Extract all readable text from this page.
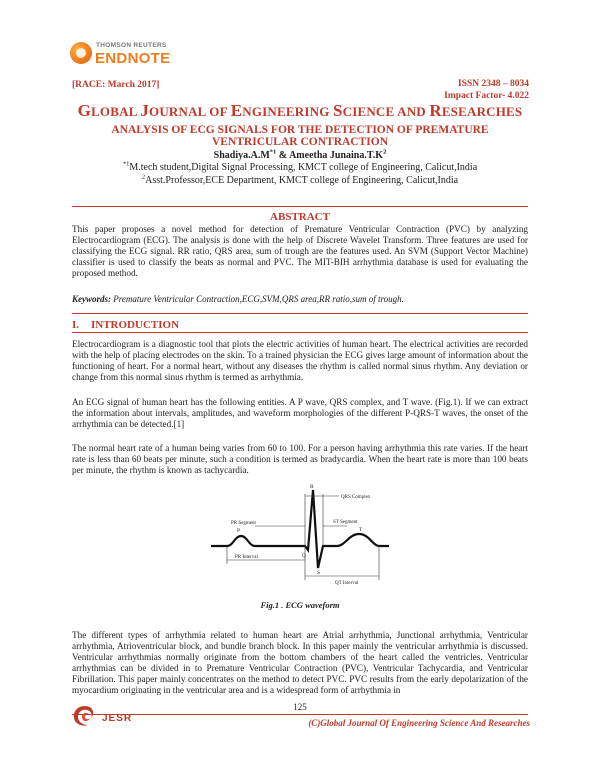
THOMSON REUTERS
ENDNOTE
[RACE: March 2017]	ISSN 2348 – 8034
Impact Factor- 4.022
GLOBAL JOURNAL OF ENGINEERING SCIENCE AND RESEARCHES
ANALYSIS OF ECG SIGNALS FOR THE DETECTION OF PREMATURE
VENTRICULAR CONTRACTION
$Shadiya.A.M^{*1}$ & Ameetha $Junaina.T.K^2$
$^{*1}$M.tech student,Digital Signal Processing, KMCT college of Engineering, Calicut,India
$^2$Asst.Professor,ECE Department, KMCT college of Engineering, Calicut,India
ABSTRACT
This paper proposes a novel method for detection of Premature Ventricular Contraction (PVC) by analyzing Electrocardiogram (ECG). The analysis is done with the help of Discrete Wavelet Transform. Three features are used for classifying the ECG signal. RR ratio, QRS area, sum of trough are the features used. An SVM (Support Vector Machine) classifier is used to classify the beats as normal and PVC. The MIT-BIH arrhythmia database is used for evaluating the proposed method.
Keywords: Premature Ventricular Contraction,ECG,SVM,QRS area,RR ratio,sum of trough.
I. INTRODUCTION
Electrocardiogram is a diagnostic tool that plots the electric activities of human heart. The electrical activities are recorded with the help of placing electrodes on the skin. To a trained physician the ECG gives large amount of information about the functioning of heart. For a normal heart, without any diseases the rhythm is called normal sinus rhythm. Any deviation or change from this normal sinus rhythm is termed as arrhythmia.
An ECG signal of human heart has the following entities. A P wave, QRS complex, and T wave. (Fig.1). If we can extract the information about intervals, amplitudes, and waveform morphologies of the different P-QRS-T waves, the onset of the arrhythmia can be detected.[1]
The normal heart rate of a human being varies from 60 to 100. For a person having arrhythmia this rate varies. If the heart rate is less than 60 beats per minute, such a condition is termed as bradycardia. When the heart rate is more than 100 beats per minute, the rhythm is known as tachycardia.
QRS Complex
PR Segment	ST Segment
PR Interval
QT Interval
P	T
R
Q
S
Fig.1 . ECG waveform
The different types of arrhythmia related to human heart are Atrial arrhythmia, Junctional arrhythmia, Ventricular arrhythmia, Atrioventricular block, and bundle branch block. In this paper mainly the ventricular arrhythmia is discussed. Ventricular arrhythmias normally originate from the bottom chambers of the heart called the ventricles. Ventricular arrhythmias can be divided in to Premature Ventricular Contraction (PVC), Ventricular Tachycardia, and Ventricular Fibrillation. This paper mainly concentrates on the method to detect PVC. PVC results from the early depolarization of the myocardium originating in the ventricular area and is a widespread form of arrhythmia in
125
JESR	(C)Global Journal Of Engineering Science And Researches
